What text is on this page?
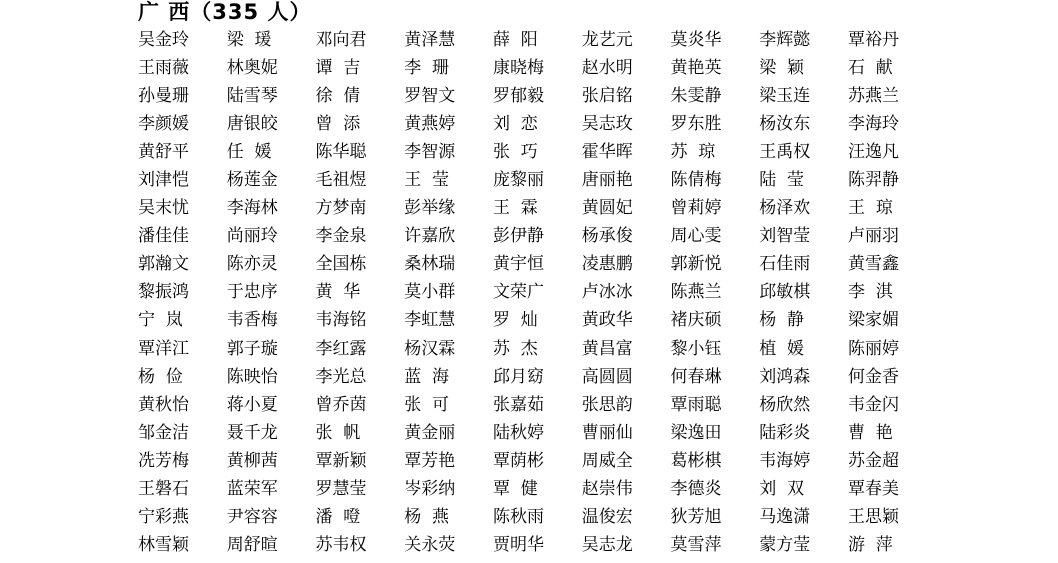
广 西（335 人）
吴金玲	梁  瑗	邓向君	黄泽慧	薛  阳	龙艺元	莫炎华	李辉懿	覃裕丹
王雨薇	林奥妮	谭  吉	李  珊	康晓梅	赵水明	黄艳英	梁  颖	石  献
孙曼珊	陆雪琴	徐  倩	罗智文	罗郁毅	张启铭	朱雯静	梁玉连	苏燕兰
李颜媛	唐银皎	曾  添	黄燕婷	刘  恋	吴志玫	罗东胜	杨汝东	李海玲
黄舒平	任  媛	陈华聪	李智源	张  巧	霍华晖	苏  琼	王禹权	汪逸凡
刘津恺	杨莲金	毛祖煜	王  莹	庞黎丽	唐丽艳	陈倩梅	陆  莹	陈羿静
吴末忧	李海林	方梦南	彭举缘	王  霖	黄圆妃	曾莉婷	杨泽欢	王  琼
潘佳佳	尚丽玲	李金泉	许嘉欣	彭伊静	杨承俊	周心雯	刘智莹	卢丽羽
郭瀚文	陈亦灵	全国栋	桑林瑞	黄宇恒	凌惠鹏	郭新悦	石佳雨	黄雪鑫
黎振鸿	于忠序	黄  华	莫小群	文荣广	卢冰冰	陈燕兰	邱敏棋	李  淇
宁  岚	韦香梅	韦海铭	李虹慧	罗  灿	黄政华	褚庆硕	杨  静	梁家媚
覃洋江	郭子璇	李红露	杨汉霖	苏  杰	黄昌富	黎小钰	植  媛	陈丽婷
杨  俭	陈映怡	李光总	蓝  海	邱月窈	高圆圆	何春琳	刘鸿森	何金香
黄秋怡	蒋小夏	曾乔茵	张  可	张嘉茹	张思韵	覃雨聪	杨欣然	韦金闪
邹金洁	聂千龙	张  帆	黄金丽	陆秋婷	曹丽仙	梁逸田	陆彩炎	曹  艳
冼芳梅	黄柳茜	覃新颖	覃芳艳	覃荫彬	周威全	葛彬棋	韦海婷	苏金超
王磐石	蓝荣军	罗慧莹	岑彩纳	覃  健	赵崇伟	李德炎	刘  双	覃春美
宁彩燕	尹容容	潘  噔	杨  燕	陈秋雨	温俊宏	狄芳旭	马逸潇	王思颖
林雪颖	周舒暄	苏韦权	关永荧	贾明华	吴志龙	莫雪萍	蒙方莹	游  萍
